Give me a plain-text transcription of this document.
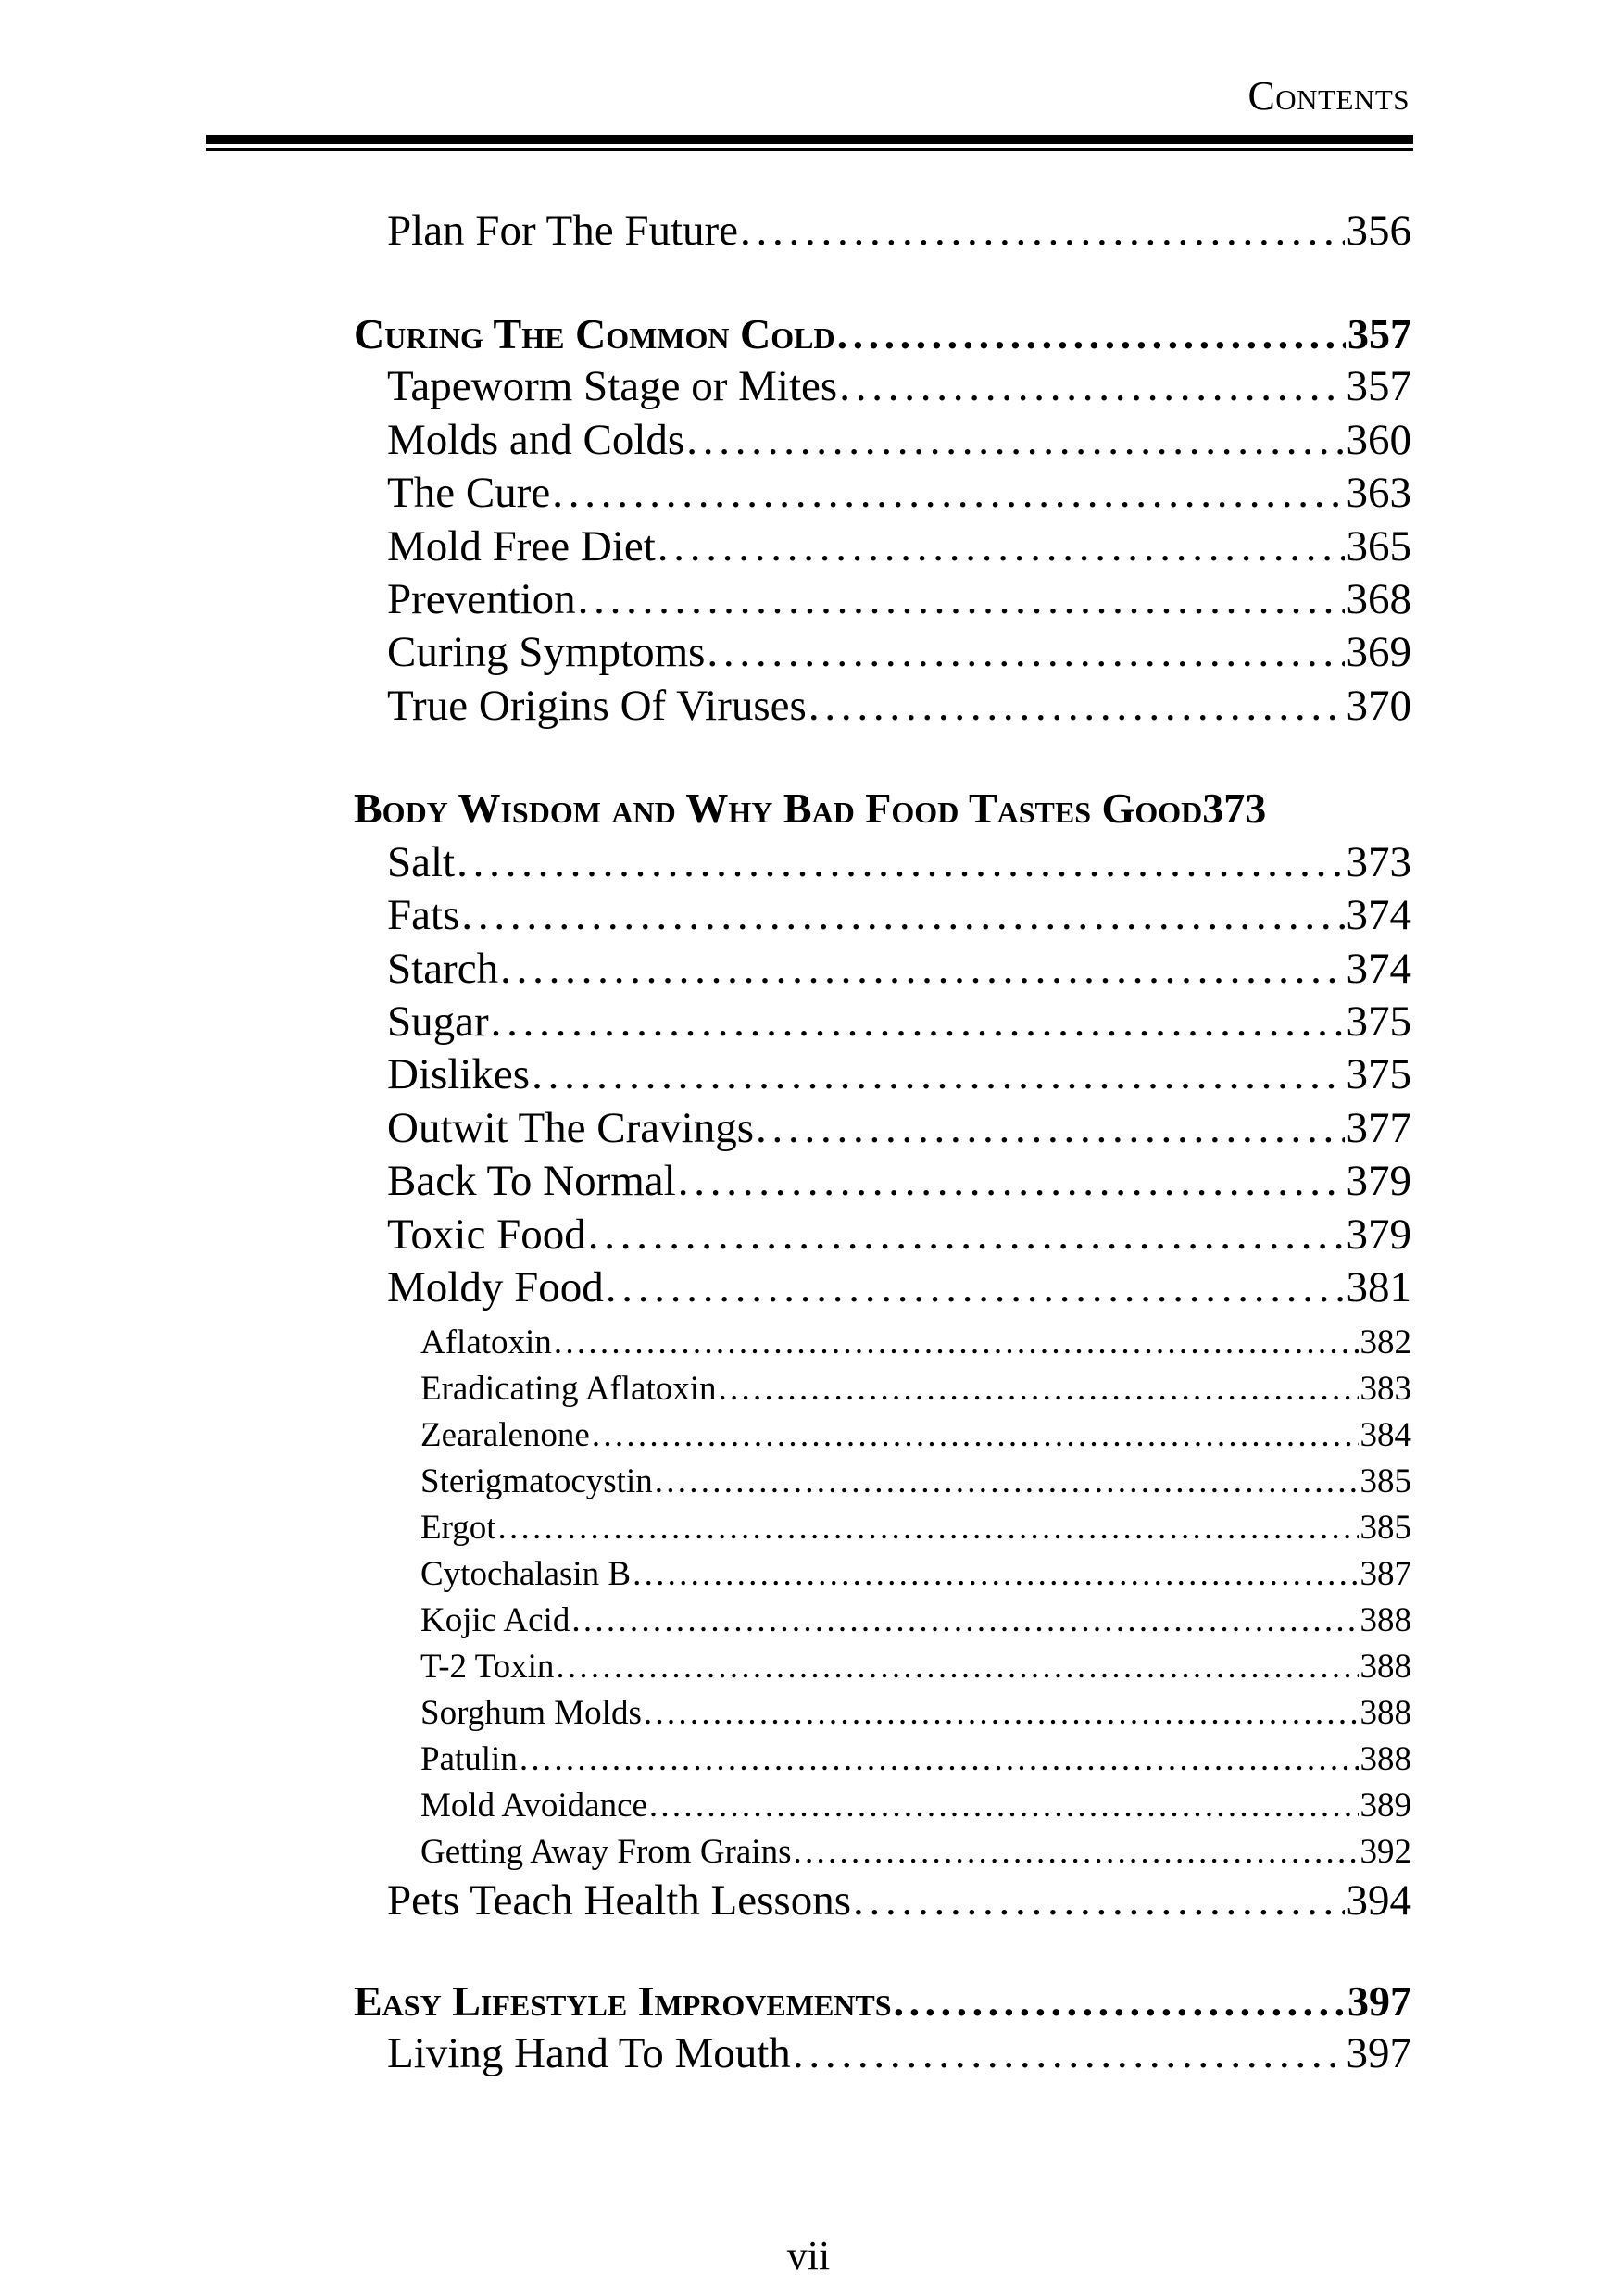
Contents
Plan For The Future . . .	356
Curing The Common Cold . . .	357
Tapeworm Stage or Mites . . .	357
Molds and Colds . . .	360
The Cure . . .	363
Mold Free Diet . . .	365
Prevention . . .	368
Curing Symptoms . . .	369
True Origins Of Viruses . . .	370
Body Wisdom and Why Bad Food Tastes Good 373
Salt . . .	373
Fats . . .	374
Starch . . .	374
Sugar . . .	375
Dislikes . . .	375
Outwit The Cravings . . .	377
Back To Normal . . .	379
Toxic Food . . .	379
Moldy Food . . .	381
Aflatoxin . . .	382
Eradicating Aflatoxin . . .	383
Zearalenone . . .	384
Sterigmatocystin . . .	385
Ergot . . .	385
Cytochalasin B . . .	387
Kojic Acid . . .	388
T-2 Toxin . . .	388
Sorghum Molds . . .	388
Patulin . . .	388
Mold Avoidance . . .	389
Getting Away From Grains . . .	392
Pets Teach Health Lessons . . .	394
Easy Lifestyle Improvements . . .	397
Living Hand To Mouth . . .	397
vii
